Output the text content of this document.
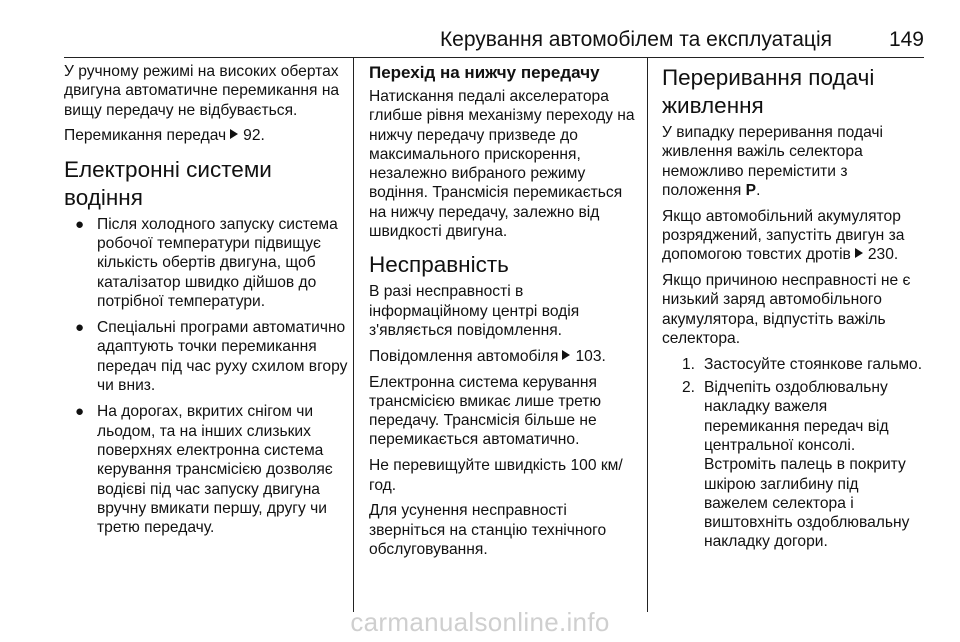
Керування автомобілем та експлуатація	149

У ручному режимі на високих обертах двигуна автоматичне перемикання на вищу передачу не відбувається.

Перемикання передач 92.

Електронні системи водіння
● Після холодного запуску система робочої температури підвищує кількість обертів двигуна, щоб каталізатор швидко дійшов до потрібної температури.
● Спеціальні програми автоматично адаптують точки перемикання передач під час руху схилом вгору чи вниз.
● На дорогах, вкритих снігом чи льодом, та на інших слизьких поверхнях електронна система керування трансмісією дозволяє водієві під час запуску двигуна вручну вмикати першу, другу чи третю передачу.
Перехід на нижчу передачу

Натискання педалі акселератора глибше рівня механізму переходу на нижчу передачу призведе до максимального прискорення, незалежно вибраного режиму водіння. Трансмісія перемикається на нижчу передачу, залежно від швидкості двигуна.

Несправність

В разі несправності в інформаційному центрі водія з'являється повідомлення.

Повідомлення автомобіля 103.

Електронна система керування трансмісією вмикає лише третю передачу. Трансмісія більше не перемикається автоматично.

Не перевищуйте швидкість 100 км/год.

Для усунення несправності зверніться на станцію технічного обслуговування.

Переривання подачі живлення

У випадку переривання подачі живлення важіль селектора неможливо перемістити з положення P.

Якщо автомобільний акумулятор розряджений, запустіть двигун за допомогою товстих дротів 230.

Якщо причиною несправності не є низький заряд автомобільного акумулятора, відпустіть важіль селектора.

1. Застосуйте стоянкове гальмо.
2. Відчепіть оздоблювальну накладку важеля перемикання передач від центральної консолі. Встроміть палець в покриту шкірою заглибину під важелем селектора і виштовхніть оздоблювальну накладку догори.
carmanualsonline.info
